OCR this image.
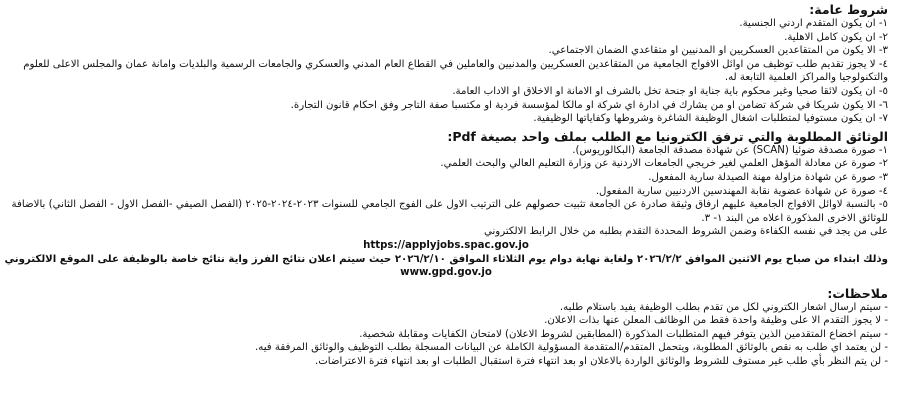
شروط عامة:

١- ان يكون المتقدم اردني الجنسية.

٢- ان يكون كامل الاهلية.

٣- الا يكون من المتقاعدين العسكريين او المدنيين او متقاعدي الضمان الاجتماعي.

٤- لا يجوز تقديم طلب توظيف من اوائل الافواج الجامعية من المتقاعدين العسكريين والمدنيين والعاملين في القطاع العام المدني والعسكري والجامعات الرسمية والبلديات وامانة عمان والمجلس الاعلى للعلوم والتكنولوجيا والمراكز العلمية التابعة له.

٥- ان يكون لائقا صحيا وغير محكوم باية جناية او جنحة تخل بالشرف او الامانة او الاخلاق او الاداب العامة.

٦- الا يكون شريكا في شركة تضامن او من يشارك في ادارة اي شركة او مالكا لمؤسسة فردية او مكتسبا صفة التاجر وفق احكام قانون التجارة.

٧- ان يكون مستوفيا لمتطلبات اشغال الوظيفة الشاغرة وشروطها وكفاياتها الوظيفية.

الوثائق المطلوبة والتي ترفق الكترونيا مع الطلب بملف واحد بصيغة Pdf:

١- صورة مصدقة ضوئيا (SCAN) عن شهادة مصدقة الجامعة (البكالوريوس).

٢- صورة عن معادلة المؤهل العلمي لغير خريجي الجامعات الاردنية عن وزارة التعليم العالي والبحث العلمي.

٣- صورة عن شهادة مزاولة مهنة الصيدلة سارية المفعول.

٤- صورة عن شهادة عضوية نقابة المهندسين الاردنيين سارية المفعول.

٥- بالنسبة لاوائل الافواج الجامعية عليهم ارفاق وثيقة صادرة عن الجامعة تثبيت حصولهم على الترتيب الاول على الفوج الجامعي للسنوات ٢٠٢٣-٢٠٢٤-٢٠٢٥ (الفصل الصيفي -الفصل الاول - الفصل الثاني) بالاضافة للوثائق الاخرى المذكورة اعلاه من البند ١- ٣.

على من يجد في نفسه الكفاءة وضمن الشروط المحددة التقدم بطلبه من خلال الرابط الالكتروني

https://applyjobs.spac.gov.jo

وذلك ابتداء من صباح يوم الاثنين الموافق ٢٠٢٦/٢/٢ ولغاية نهاية دوام يوم الثلاثاء الموافق ٢٠٢٦/٢/١٠ حيث سيتم اعلان نتائج الفرز واية نتائج خاصة بالوظيفة على الموقع الالكتروني

www.gpd.gov.jo

ملاحظات:

- سيتم ارسال اشعار الكتروني لكل من تقدم بطلب الوظيفة يفيد باستلام طلبه.

- لا يجوز التقدم الا على وظيفة واحدة فقط من الوظائف المعلن عنها بذات الاعلان.

- سيتم اخضاع المتقدمين الذين يتوفر فيهم المتطلبات المذكورة (المطابقين لشروط الاعلان) لامتحان الكفايات ومقابلة شخصية.

- لن يعتمد اي طلب به نقص بالوثائق المطلوبة، ويتحمل المتقدم/المتقدمة المسؤولية الكاملة عن البيانات المسجلة بطلب التوظيف والوثائق المرفقة فيه.

- لن يتم النظر بأي طلب غير مستوف للشروط والوثائق الواردة بالاعلان او بعد انتهاء فترة استقبال الطلبات او بعد انتهاء فترة الاعتراضات.
